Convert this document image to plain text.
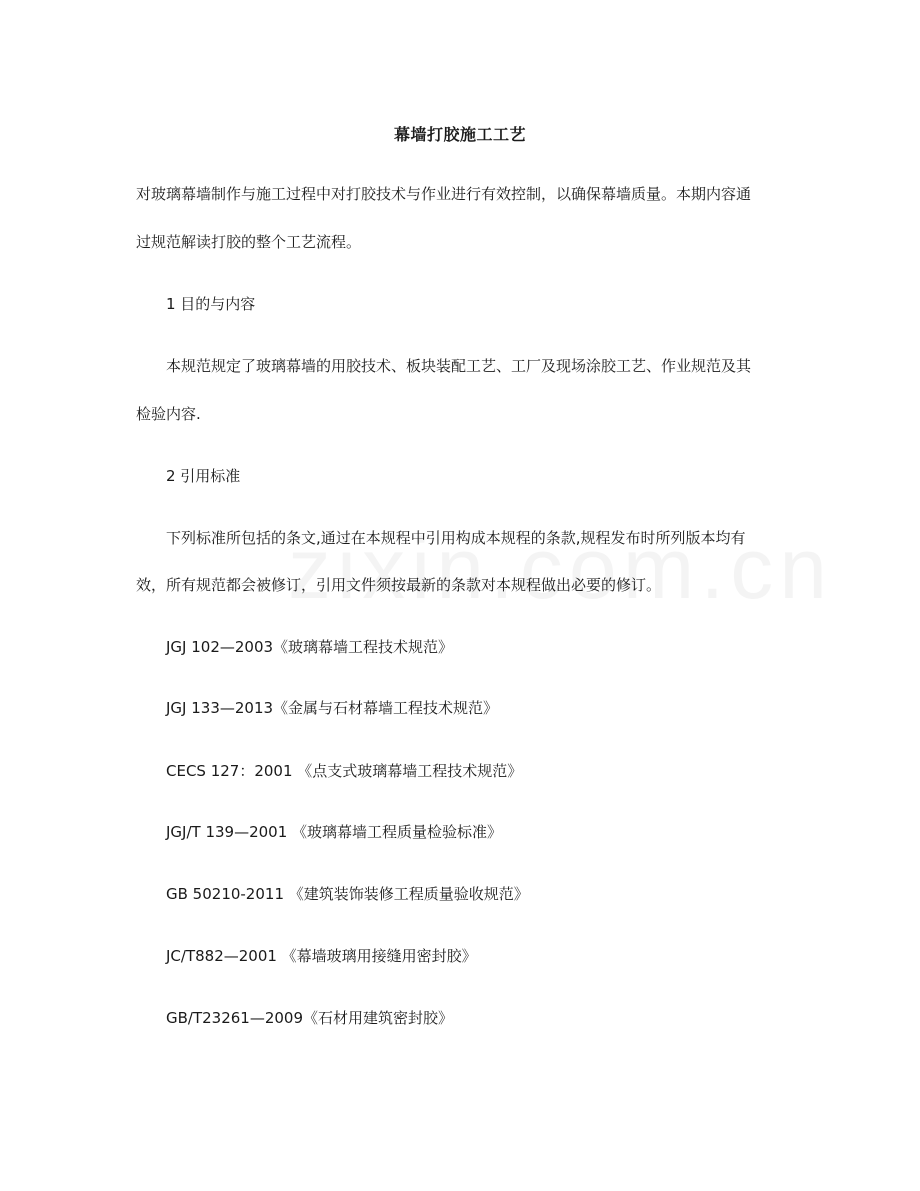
幕墙打胶施工工艺
对玻璃幕墙制作与施工过程中对打胶技术与作业进行有效控制，以确保幕墙质量。本期内容通
过规范解读打胶的整个工艺流程。
1 目的与内容
本规范规定了玻璃幕墙的用胶技术、板块装配工艺、工厂及现场涂胶工艺、作业规范及其
检验内容.
2 引用标准
下列标准所包括的条文,通过在本规程中引用构成本规程的条款,规程发布时所列版本均有
效，所有规范都会被修订，引用文件须按最新的条款对本规程做出必要的修订。
JGJ 102—2003《玻璃幕墙工程技术规范》
JGJ 133—2013《金属与石材幕墙工程技术规范》
CECS 127：2001 《点支式玻璃幕墙工程技术规范》
JGJ/T 139—2001 《玻璃幕墙工程质量检验标准》
GB 50210-2011 《建筑装饰装修工程质量验收规范》
JC/T882—2001 《幕墙玻璃用接缝用密封胶》
GB/T23261—2009《石材用建筑密封胶》
